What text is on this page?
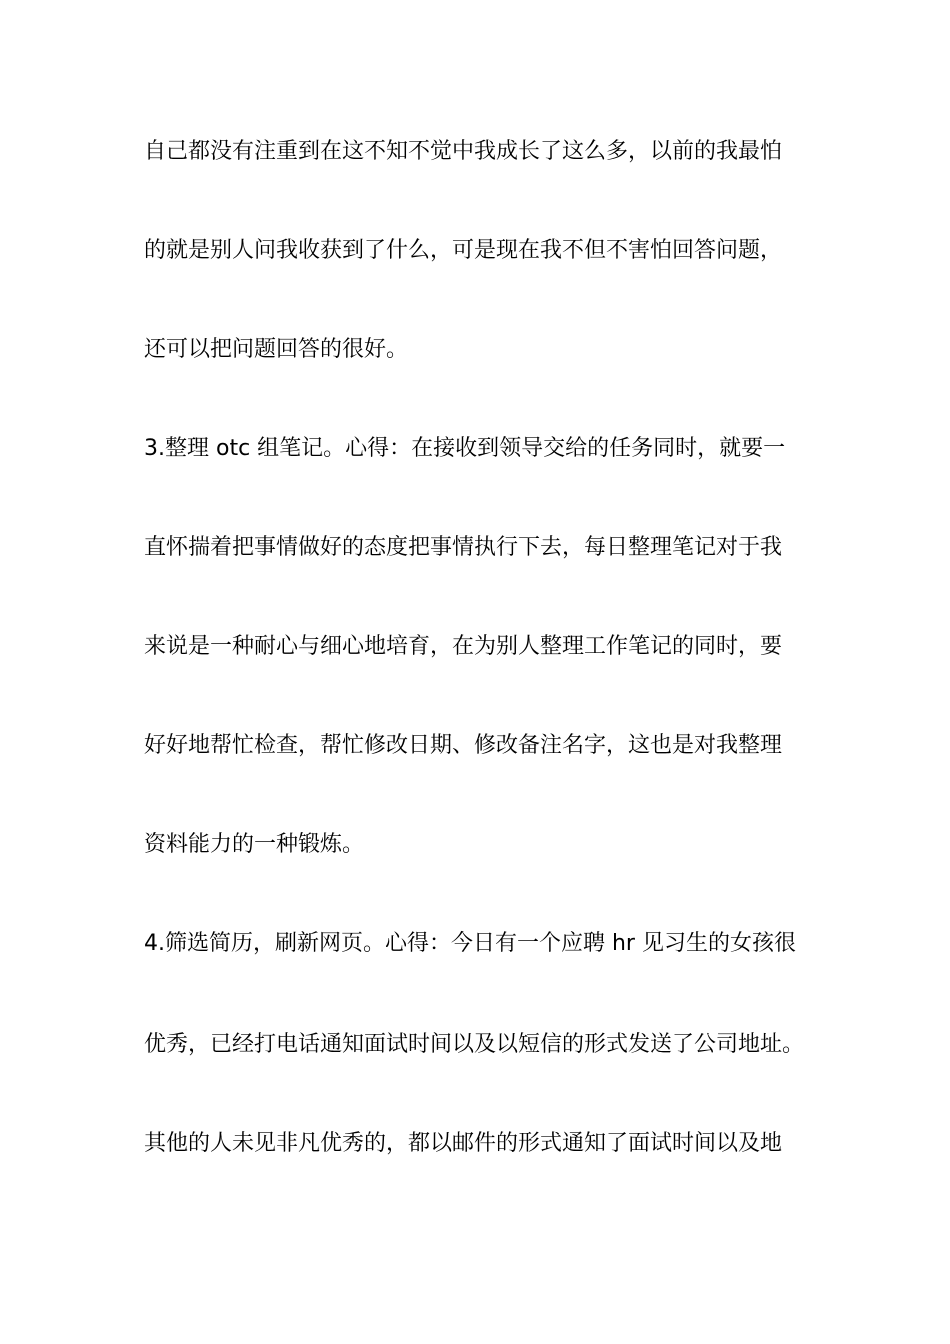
自己都没有注重到在这不知不觉中我成长了这么多，以前的我最怕
的就是别人问我收获到了什么，可是现在我不但不害怕回答问题，
还可以把问题回答的很好。
3.整理 otc 组笔记。心得：在接收到领导交给的任务同时，就要一
直怀揣着把事情做好的态度把事情执行下去，每日整理笔记对于我
来说是一种耐心与细心地培育，在为别人整理工作笔记的同时，要
好好地帮忙检查，帮忙修改日期、修改备注名字，这也是对我整理
资料能力的一种锻炼。
4.筛选简历，刷新网页。心得：今日有一个应聘 hr 见习生的女孩很
优秀，已经打电话通知面试时间以及以短信的形式发送了公司地址。
其他的人未见非凡优秀的，都以邮件的形式通知了面试时间以及地
